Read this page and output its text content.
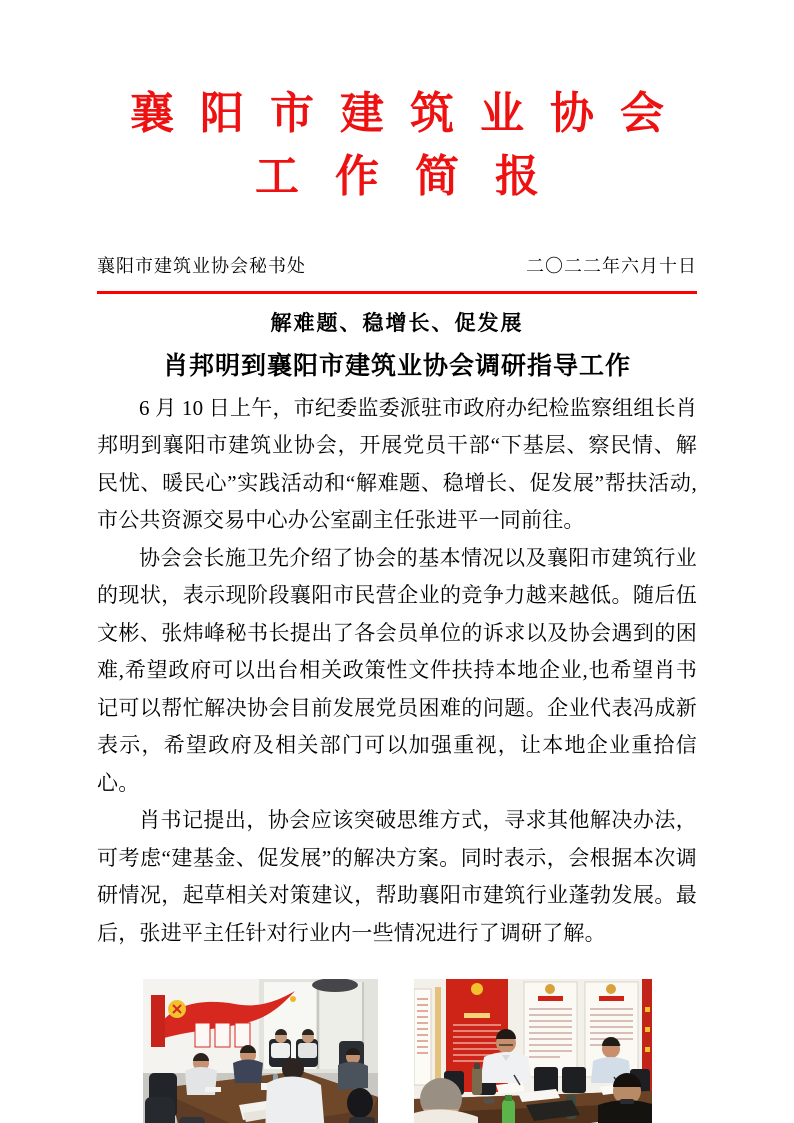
襄阳市建筑业协会
工作简报
襄阳市建筑业协会秘书处	二〇二二年六月十日
解难题、稳增长、促发展
肖邦明到襄阳市建筑业协会调研指导工作

6 月 10 日上午，市纪委监委派驻市政府办纪检监察组组长肖邦明到襄阳市建筑业协会，开展党员干部“下基层、察民情、解民忧、暖民心”实践活动和“解难题、稳增长、促发展”帮扶活动,市公共资源交易中心办公室副主任张进平一同前往。

协会会长施卫先介绍了协会的基本情况以及襄阳市建筑行业的现状，表示现阶段襄阳市民营企业的竞争力越来越低。随后伍文彬、张炜峰秘书长提出了各会员单位的诉求以及协会遇到的困难,希望政府可以出台相关政策性文件扶持本地企业,也希望肖书记可以帮忙解决协会目前发展党员困难的问题。企业代表冯成新表示，希望政府及相关部门可以加强重视，让本地企业重拾信心。

肖书记提出，协会应该突破思维方式，寻求其他解决办法，可考虑“建基金、促发展”的解决方案。同时表示，会根据本次调研情况，起草相关对策建议，帮助襄阳市建筑行业蓬勃发展。最后，张进平主任针对行业内一些情况进行了调研了解。
